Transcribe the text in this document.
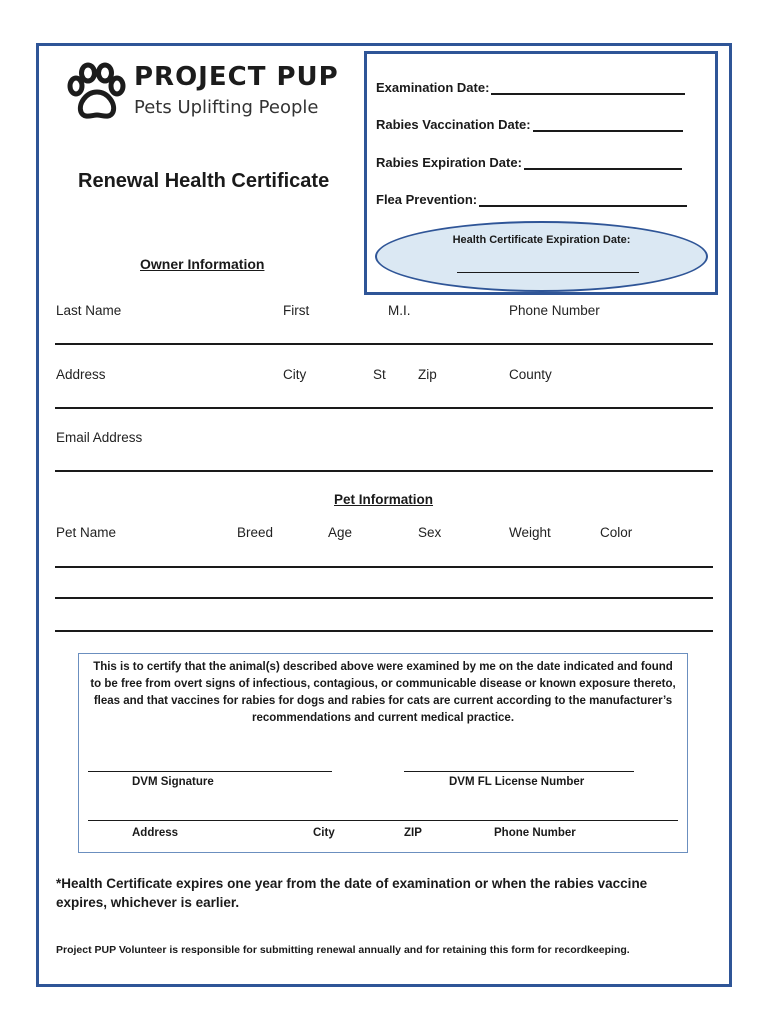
PROJECT PUP
Pets Uplifting People
Renewal Health Certificate
Owner Information
Examination Date:
Rabies Vaccination Date:
Rabies Expiration Date:
Flea Prevention:
Health Certificate Expiration Date:
Last Name	First	M.I.	Phone Number
Address	City	St Zip	County
Email Address
Pet Information
Pet Name	Breed	Age	Sex	Weight	Color
This is to certify that the animal(s) described above were examined by me on the date indicated and found to be free from overt signs of infectious, contagious, or communicable disease or known exposure thereto, fleas and that vaccines for rabies for dogs and rabies for cats are current according to the manufacturer’s recommendations and current medical practice.
DVM Signature	DVM FL License Number
Address	City	ZIP	Phone Number
*Health Certificate expires one year from the date of examination or when the rabies vaccine expires, whichever is earlier.
Project PUP Volunteer is responsible for submitting renewal annually and for retaining this form for recordkeeping.
